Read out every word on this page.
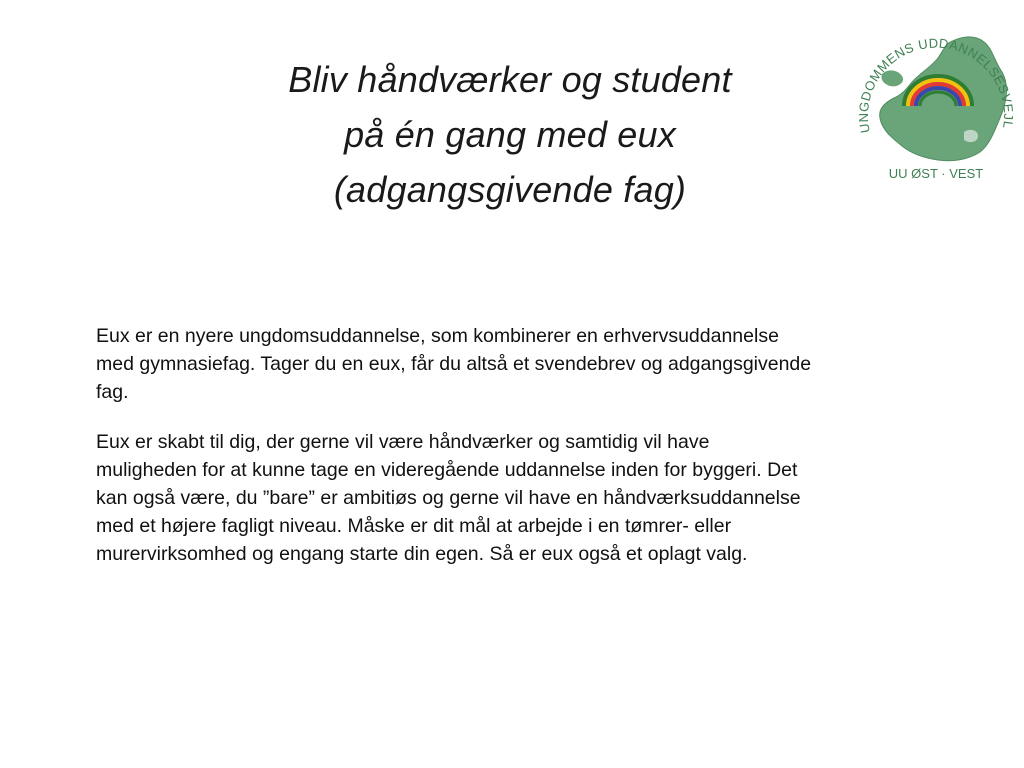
Bliv håndværker og student
på én gang med eux
(adgangsgivende fag)
UNGDOMMENS UDDANNELSESVEJL
UU ØST · VEST

Eux er en nyere ungdomsuddannelse, som kombinerer en erhvervsuddannelse
med gymnasiefag. Tager du en eux, får du altså et svendebrev og adgangsgivende
fag.

Eux er skabt til dig, der gerne vil være håndværker og samtidig vil have
muligheden for at kunne tage en videregående uddannelse inden for byggeri. Det
kan også være, du ”bare” er ambitiøs og gerne vil have en håndværksuddannelse
med et højere fagligt niveau. Måske er dit mål at arbejde i en tømrer- eller
murervirksomhed og engang starte din egen. Så er eux også et oplagt valg.
